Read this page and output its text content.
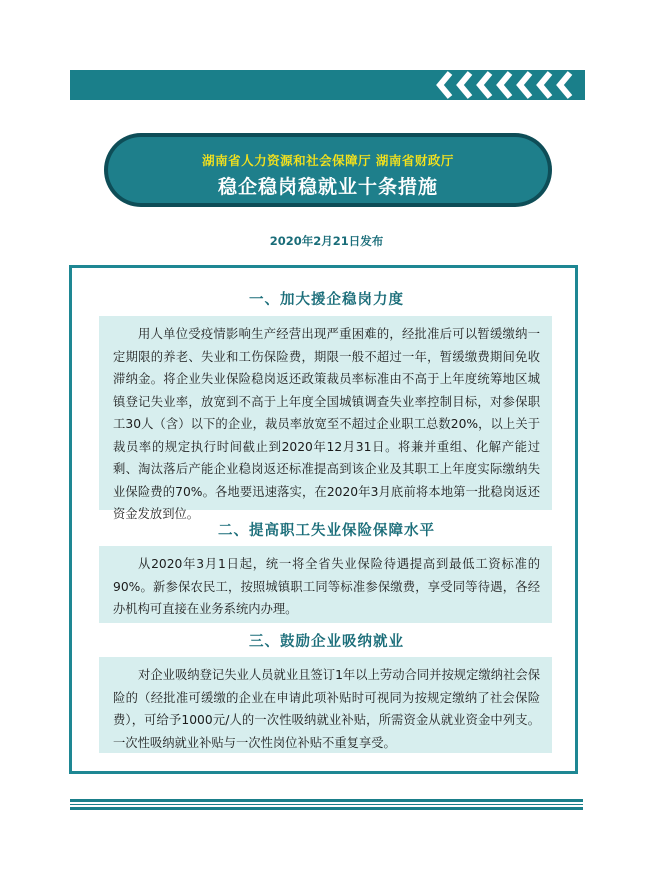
湖南省人力资源和社会保障厅 湖南省财政厅
稳企稳岗稳就业十条措施
2020年2月21日发布
一、加大援企稳岗力度
用人单位受疫情影响生产经营出现严重困难的，经批准后可以暂缓缴纳一定期限的养老、失业和工伤保险费，期限一般不超过一年，暂缓缴费期间免收滞纳金。将企业失业保险稳岗返还政策裁员率标准由不高于上年度统筹地区城镇登记失业率，放宽到不高于上年度全国城镇调查失业率控制目标，对参保职工30人（含）以下的企业，裁员率放宽至不超过企业职工总数20%，以上关于裁员率的规定执行时间截止到2020年12月31日。将兼并重组、化解产能过剩、淘汰落后产能企业稳岗返还标准提高到该企业及其职工上年度实际缴纳失业保险费的70%。各地要迅速落实，在2020年3月底前将本地第一批稳岗返还资金发放到位。
二、提高职工失业保险保障水平
从2020年3月1日起，统一将全省失业保险待遇提高到最低工资标准的90%。新参保农民工，按照城镇职工同等标准参保缴费，享受同等待遇，各经办机构可直接在业务系统内办理。
三、鼓励企业吸纳就业
对企业吸纳登记失业人员就业且签订1年以上劳动合同并按规定缴纳社会保险的（经批准可缓缴的企业在申请此项补贴时可视同为按规定缴纳了社会保险费），可给予1000元/人的一次性吸纳就业补贴，所需资金从就业资金中列支。一次性吸纳就业补贴与一次性岗位补贴不重复享受。
